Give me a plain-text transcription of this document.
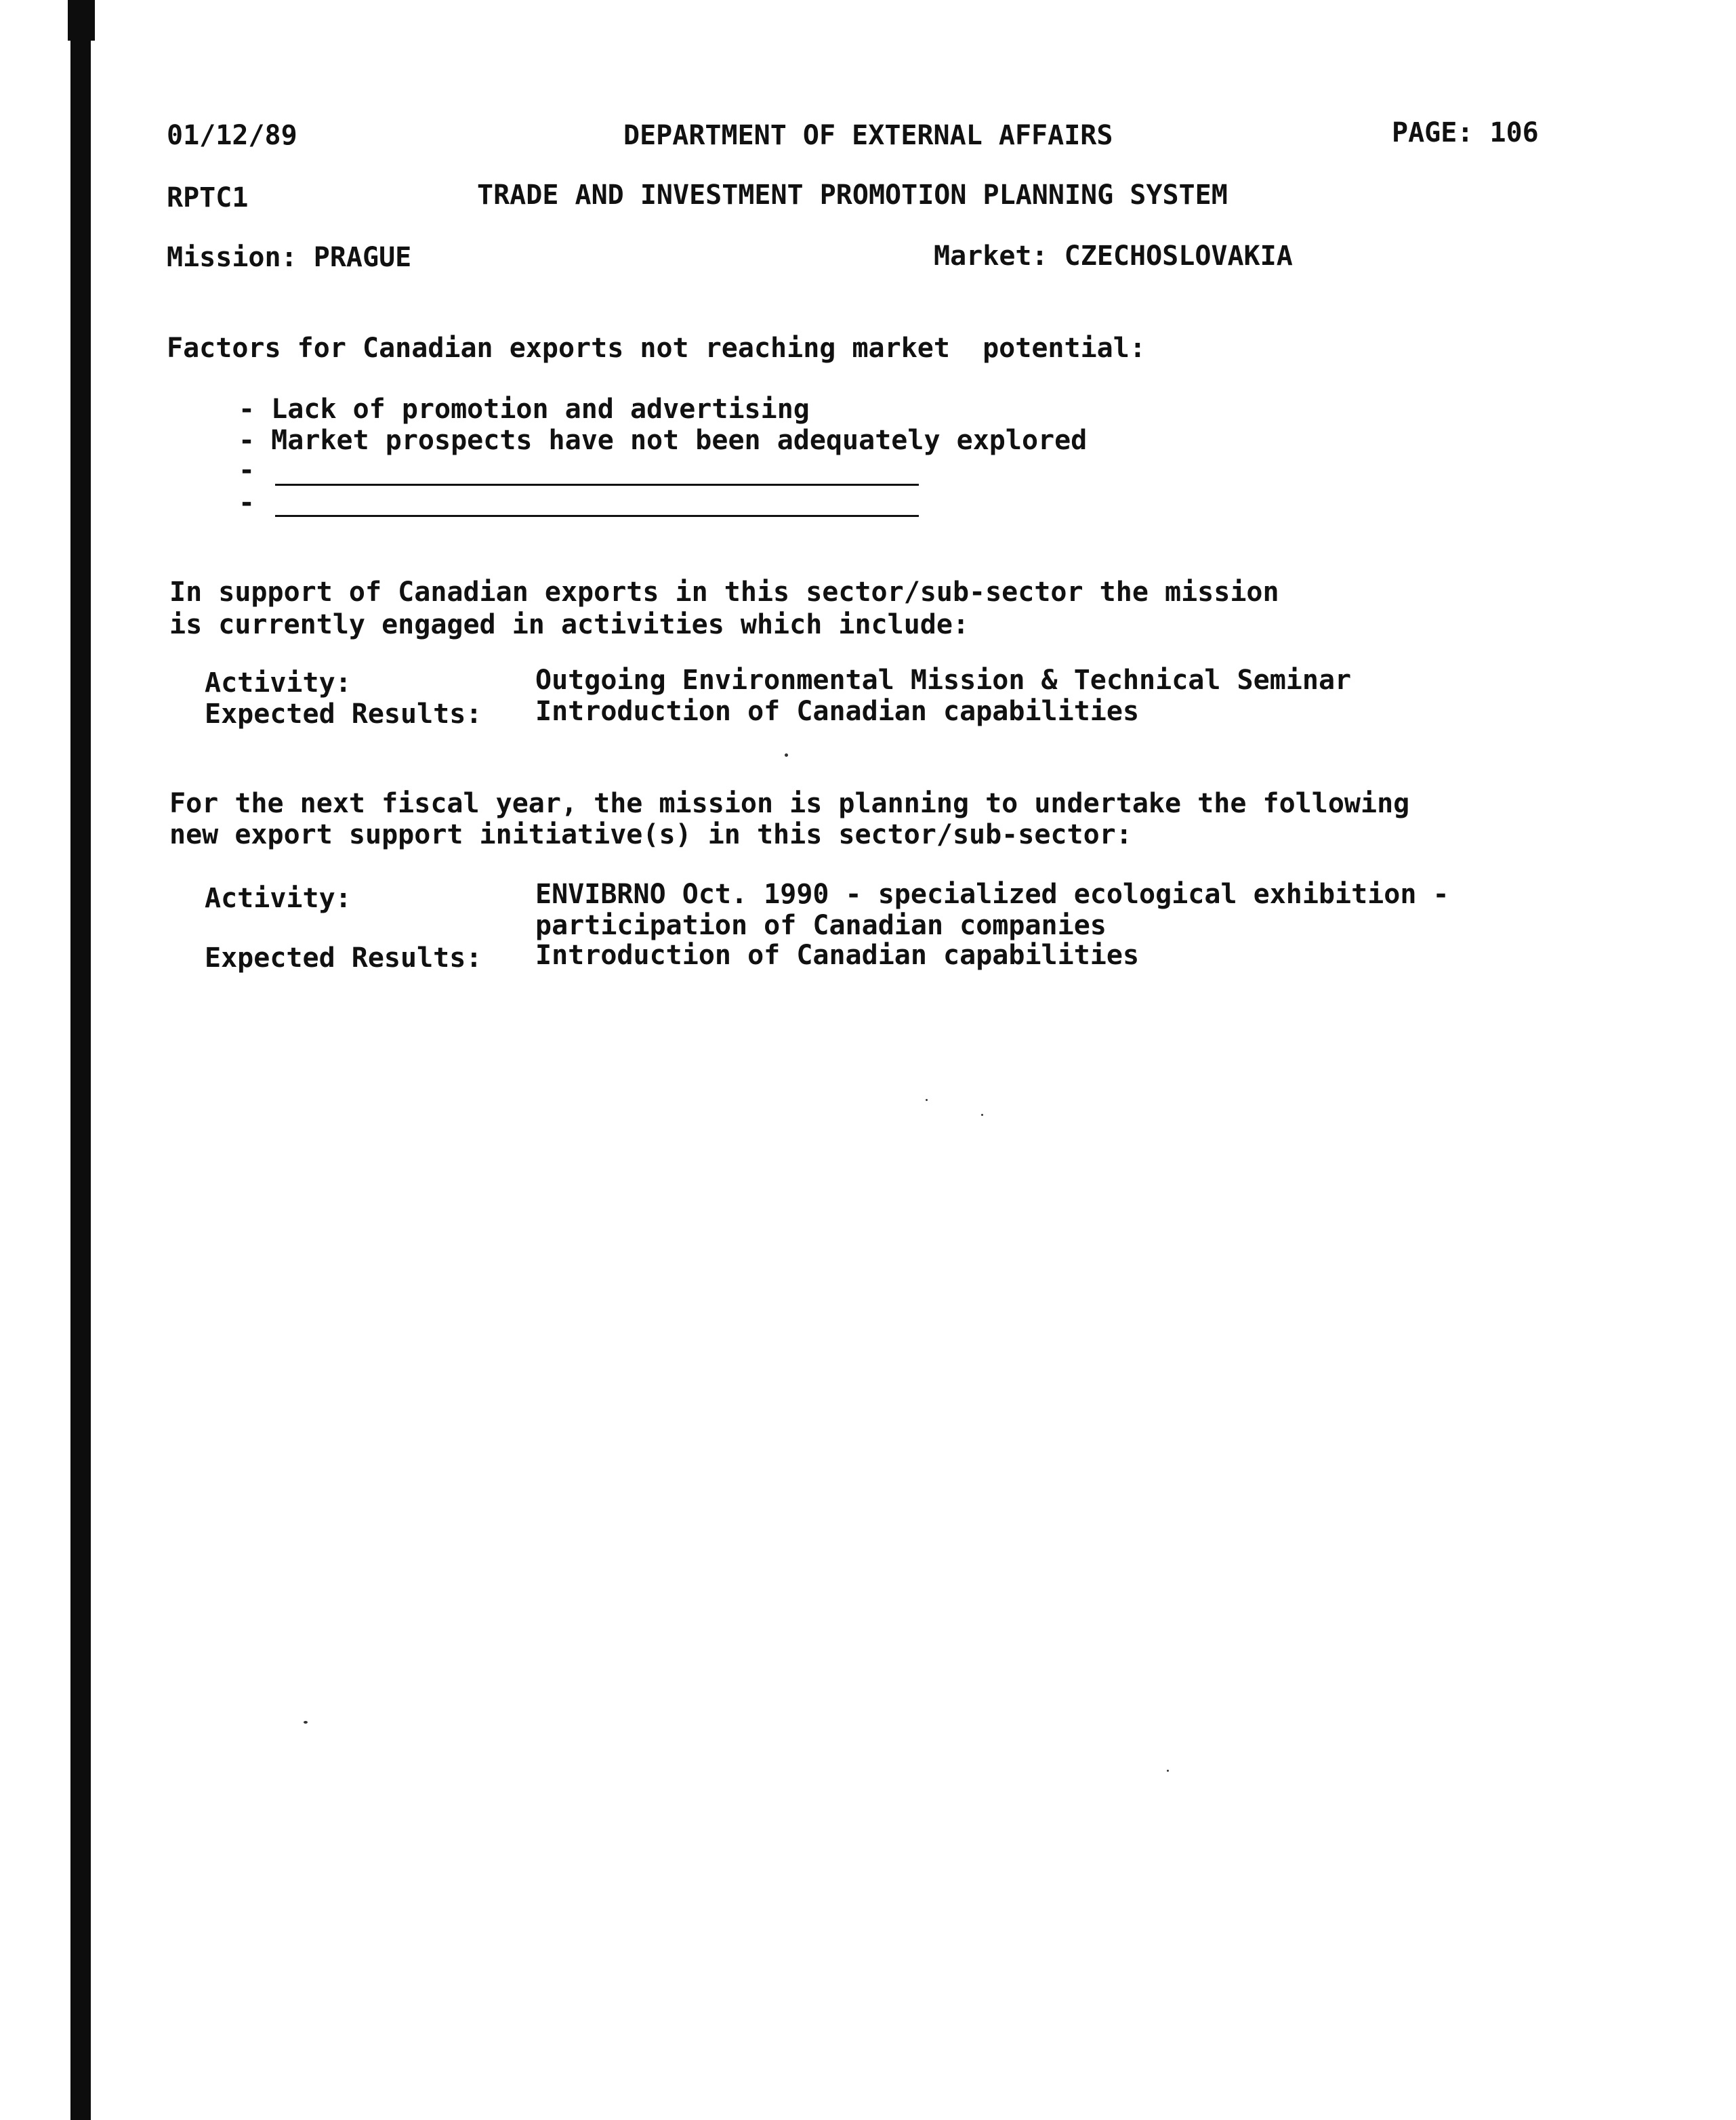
01/12/89	DEPARTMENT OF EXTERNAL AFFAIRS	PAGE: 106

RPTC1	TRADE AND INVESTMENT PROMOTION PLANNING SYSTEM

Mission: PRAGUE	Market: CZECHOSLOVAKIA

Factors for Canadian exports not reaching market  potential:

- Lack of promotion and advertising

- Market prospects have not been adequately explored

-

-

In support of Canadian exports in this sector/sub-sector the mission

is currently engaged in activities which include:

Activity:	Outgoing Environmental Mission & Technical Seminar

Expected Results: Introduction of Canadian capabilities

For the next fiscal year, the mission is planning to undertake the following

new export support initiative(s) in this sector/sub-sector:

Activity:	ENVIBRNO Oct. 1990 - specialized ecological exhibition -

participation of Canadian companies

Expected Results: Introduction of Canadian capabilities
